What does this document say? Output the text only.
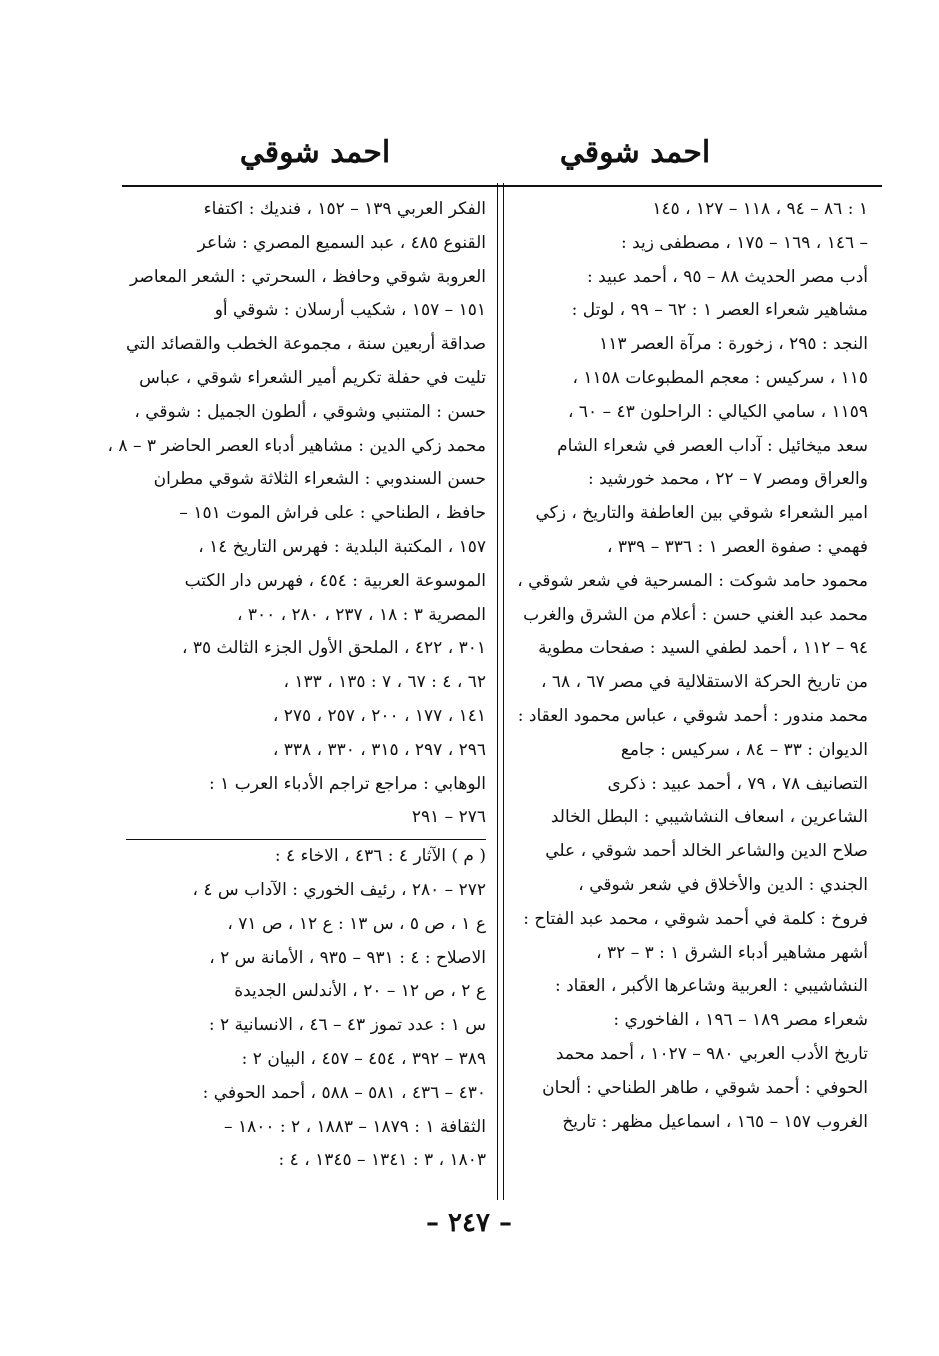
احمد شوقي
احمد شوقي
١ : ٨٦ – ٩٤ ، ١١٨ – ١٢٧ ، ١٤٥
– ١٤٦ ، ١٦٩ – ١٧٥ ، مصطفى زيد :
أدب مصر الحديث ٨٨ – ٩٥ ، أحمد عبيد :
مشاهير شعراء العصر ١ : ٦٢ – ٩٩ ، لوتل :
النجد : ٢٩٥ ، زخورة : مرآة العصر ١١٣
١١٥ ، سركيس : معجم المطبوعات ١١٥٨ ،
١١٥٩ ، سامي الكيالي : الراحلون ٤٣ – ٦٠ ،
سعد ميخائيل : آداب العصر في شعراء الشام
والعراق ومصر ٧ – ٢٢ ، محمد خورشيد :
امير الشعراء شوقي بين العاطفة والتاريخ ، زكي
فهمي : صفوة العصر ١ : ٣٣٦ – ٣٣٩ ،
محمود حامد شوكت : المسرحية في شعر شوقي ،
محمد عبد الغني حسن : أعلام من الشرق والغرب
٩٤ – ١١٢ ، أحمد لطفي السيد : صفحات مطوية
من تاريخ الحركة الاستقلالية في مصر ٦٧ ، ٦٨ ،
محمد مندور : أحمد شوقي ، عباس محمود العقاد :
الديوان : ٣٣ – ٨٤ ، سركيس : جامع
التصانيف ٧٨ ، ٧٩ ، أحمد عبيد : ذكرى
الشاعرين ، اسعاف النشاشيبي : البطل الخالد
صلاح الدين والشاعر الخالد أحمد شوقي ، علي
الجندي : الدين والأخلاق في شعر شوقي ،
فروخ : كلمة في أحمد شوقي ، محمد عبد الفتاح :
أشهر مشاهير أدباء الشرق ١ : ٣ – ٣٢ ،
النشاشيبي : العربية وشاعرها الأكبر ، العقاد :
شعراء مصر ١٨٩ – ١٩٦ ، الفاخوري :
تاريخ الأدب العربي ٩٨٠ – ١٠٢٧ ، أحمد محمد
الحوفي : أحمد شوقي ، طاهر الطناحي : ألحان
الغروب ١٥٧ – ١٦٥ ، اسماعيل مظهر : تاريخ
الفكر العربي ١٣٩ – ١٥٢ ، فنديك : اكتفاء
القنوع ٤٨٥ ، عبد السميع المصري : شاعر
العروبة شوقي وحافظ ، السحرتي : الشعر المعاصر
١٥١ – ١٥٧ ، شكيب أرسلان : شوقي أو
صداقة أربعين سنة ، مجموعة الخطب والقصائد التي
تليت في حفلة تكريم أمير الشعراء شوقي ، عباس
حسن : المتنبي وشوقي ، ألطون الجميل : شوقي ،
محمد زكي الدين : مشاهير أدباء العصر الحاضر ٣ – ٨ ،
حسن السندوبي : الشعراء الثلاثة شوقي مطران
حافظ ، الطناحي : على فراش الموت ١٥١ –
١٥٧ ، المكتبة البلدية : فهرس التاريخ ١٤ ،
الموسوعة العربية : ٤٥٤ ، فهرس دار الكتب
المصرية ٣ : ١٨ ، ٢٣٧ ، ٢٨٠ ، ٣٠٠ ،
٣٠١ ، ٤٢٢ ، الملحق الأول الجزء الثالث ٣٥ ،
٦٢ ، ٤ : ٦٧ ، ٧ : ١٣٥ ، ١٣٣ ،
١٤١ ، ١٧٧ ، ٢٠٠ ، ٢٥٧ ، ٢٧٥ ،
٢٩٦ ، ٢٩٧ ، ٣١٥ ، ٣٣٠ ، ٣٣٨ ،
الوهابي : مراجع تراجم الأدباء العرب ١ :
٢٧٦ – ٢٩١
( م ) الآثار ٤ : ٤٣٦ ، الاخاء ٤ :
٢٧٢ – ٢٨٠ ، رئيف الخوري : الآداب س ٤ ،
ع ١ ، ص ٥ ، س ١٣ : ع ١٢ ، ص ٧١ ،
الاصلاح : ٤ : ٩٣١ – ٩٣٥ ، الأمانة س ٢ ،
ع ٢ ، ص ١٢ – ٢٠ ، الأندلس الجديدة
س ١ : عدد تموز ٤٣ – ٤٦ ، الانسانية ٢ :
٣٨٩ – ٣٩٢ ، ٤٥٤ – ٤٥٧ ، البيان ٢ :
٤٣٠ – ٤٣٦ ، ٥٨١ – ٥٨٨ ، أحمد الحوفي :
الثقافة ١ : ١٨٧٩ – ١٨٨٣ ، ٢ : ١٨٠٠ –
١٨٠٣ ، ٣ : ١٣٤١ – ١٣٤٥ ، ٤ :
– ٢٤٧ –
